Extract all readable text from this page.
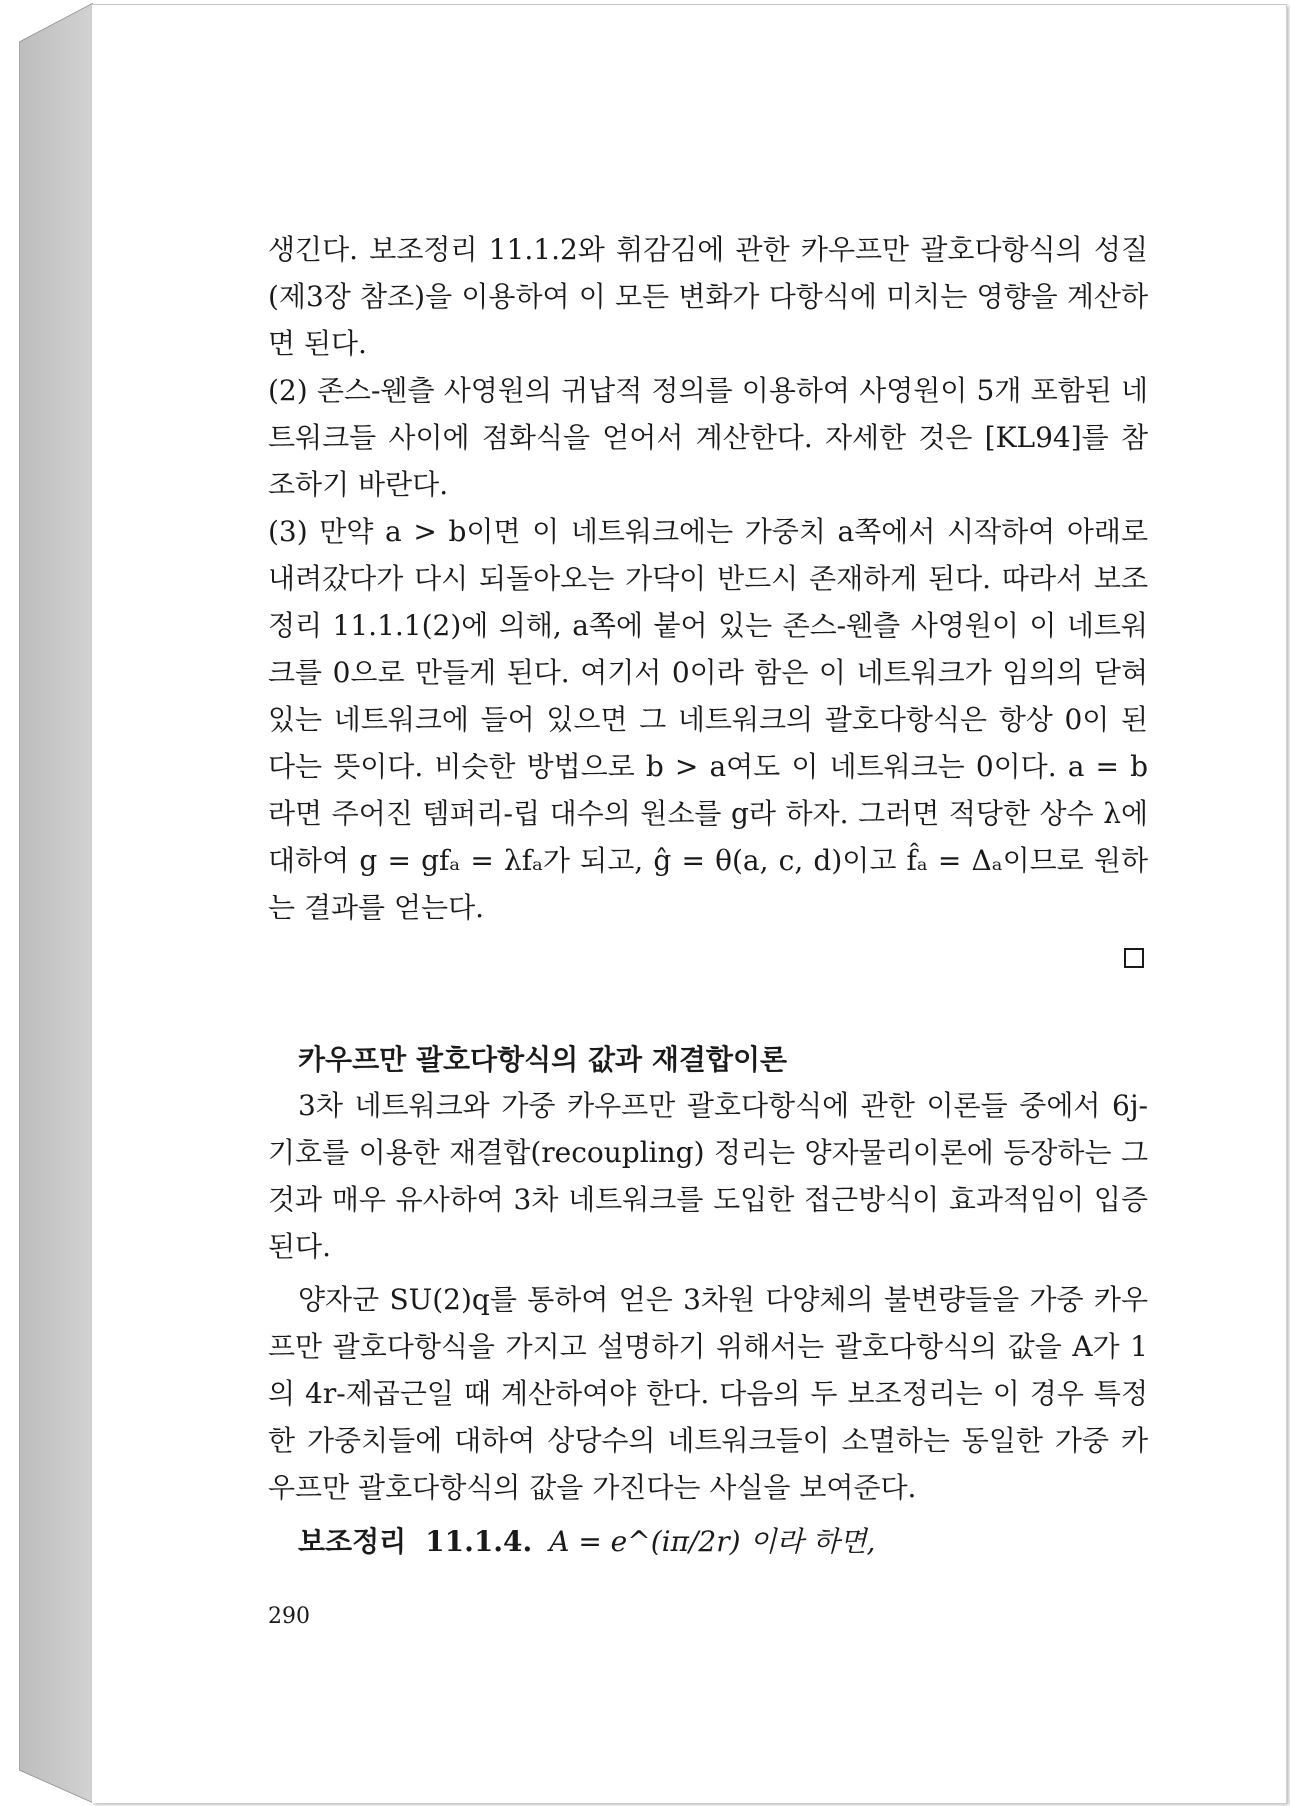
생긴다. 보조정리 11.1.2와 휘감김에 관한 카우프만 괄호다항식의 성질(제3장 참조)을 이용하여 이 모든 변화가 다항식에 미치는 영향을 계산하면 된다.

(2) 존스-웬츨 사영원의 귀납적 정의를 이용하여 사영원이 5개 포함된 네트워크들 사이에 점화식을 얻어서 계산한다. 자세한 것은 [KL94]를 참조하기 바란다.

(3) 만약 a > b이면 이 네트워크에는 가중치 a쪽에서 시작하여 아래로 내려갔다가 다시 되돌아오는 가닥이 반드시 존재하게 된다. 따라서 보조정리 11.1.1(2)에 의해, a쪽에 붙어 있는 존스-웬츨 사영원이 이 네트워크를 0으로 만들게 된다. 여기서 0이라 함은 이 네트워크가 임의의 닫혀있는 네트워크에 들어 있으면 그 네트워크의 괄호다항식은 항상 0이 된다는 뜻이다. 비슷한 방법으로 b > a여도 이 네트워크는 0이다. a = b라면 주어진 템퍼리-립 대수의 원소를 g라 하자. 그러면 적당한 상수 λ에 대하여 g = gfₐ = λfₐ가 되고, ĝ = θ(a, c, d)이고 f̂ₐ = Δₐ이므로 원하는 결과를 얻는다.

카우프만 괄호다항식의 값과 재결합이론

3차 네트워크와 가중 카우프만 괄호다항식에 관한 이론들 중에서 6j-기호를 이용한 재결합(recoupling) 정리는 양자물리이론에 등장하는 그것과 매우 유사하여 3차 네트워크를 도입한 접근방식이 효과적임이 입증된다.

양자군 SU(2)q를 통하여 얻은 3차원 다양체의 불변량들을 가중 카우프만 괄호다항식을 가지고 설명하기 위해서는 괄호다항식의 값을 A가 1의 4r-제곱근일 때 계산하여야 한다. 다음의 두 보조정리는 이 경우 특정한 가중치들에 대하여 상당수의 네트워크들이 소멸하는 동일한 가중 카우프만 괄호다항식의 값을 가진다는 사실을 보여준다.

보조정리 11.1.4. A = e^(iπ/2r) 이라 하면,
290
